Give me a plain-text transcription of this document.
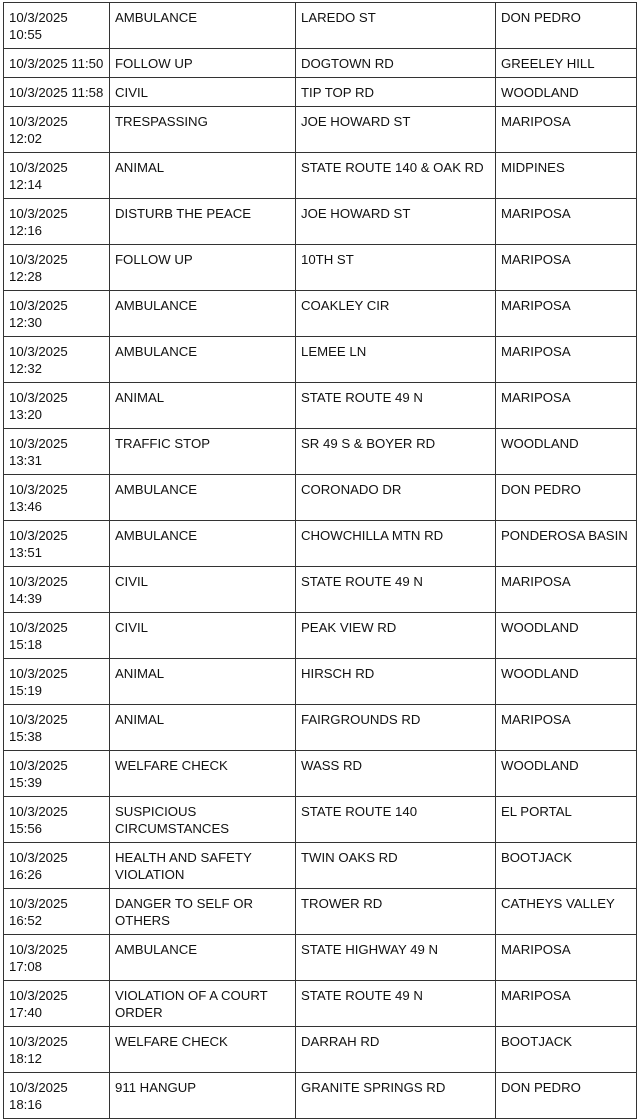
10/3/2025 10:55	AMBULANCE	LAREDO ST	DON PEDRO
10/3/2025 11:50	FOLLOW UP	DOGTOWN RD	GREELEY HILL
10/3/2025 11:58	CIVIL	TIP TOP RD	WOODLAND
10/3/2025 12:02	TRESPASSING	JOE HOWARD ST	MARIPOSA
10/3/2025 12:14	ANIMAL	STATE ROUTE 140 & OAK RD	MIDPINES
10/3/2025 12:16	DISTURB THE PEACE	JOE HOWARD ST	MARIPOSA
10/3/2025 12:28	FOLLOW UP	10TH ST	MARIPOSA
10/3/2025 12:30	AMBULANCE	COAKLEY CIR	MARIPOSA
10/3/2025 12:32	AMBULANCE	LEMEE LN	MARIPOSA
10/3/2025 13:20	ANIMAL	STATE ROUTE 49 N	MARIPOSA
10/3/2025 13:31	TRAFFIC STOP	SR 49 S & BOYER RD	WOODLAND
10/3/2025 13:46	AMBULANCE	CORONADO DR	DON PEDRO
10/3/2025 13:51	AMBULANCE	CHOWCHILLA MTN RD	PONDEROSA BASIN
10/3/2025 14:39	CIVIL	STATE ROUTE 49 N	MARIPOSA
10/3/2025 15:18	CIVIL	PEAK VIEW RD	WOODLAND
10/3/2025 15:19	ANIMAL	HIRSCH RD	WOODLAND
10/3/2025 15:38	ANIMAL	FAIRGROUNDS RD	MARIPOSA
10/3/2025 15:39	WELFARE CHECK	WASS RD	WOODLAND
10/3/2025 15:56	SUSPICIOUS CIRCUMSTANCES	STATE ROUTE 140	EL PORTAL
10/3/2025 16:26	HEALTH AND SAFETY VIOLATION	TWIN OAKS RD	BOOTJACK
10/3/2025 16:52	DANGER TO SELF OR OTHERS	TROWER RD	CATHEYS VALLEY
10/3/2025 17:08	AMBULANCE	STATE HIGHWAY 49 N	MARIPOSA
10/3/2025 17:40	VIOLATION OF A COURT ORDER	STATE ROUTE 49 N	MARIPOSA
10/3/2025 18:12	WELFARE CHECK	DARRAH RD	BOOTJACK
10/3/2025 18:16	911 HANGUP	GRANITE SPRINGS RD	DON PEDRO
